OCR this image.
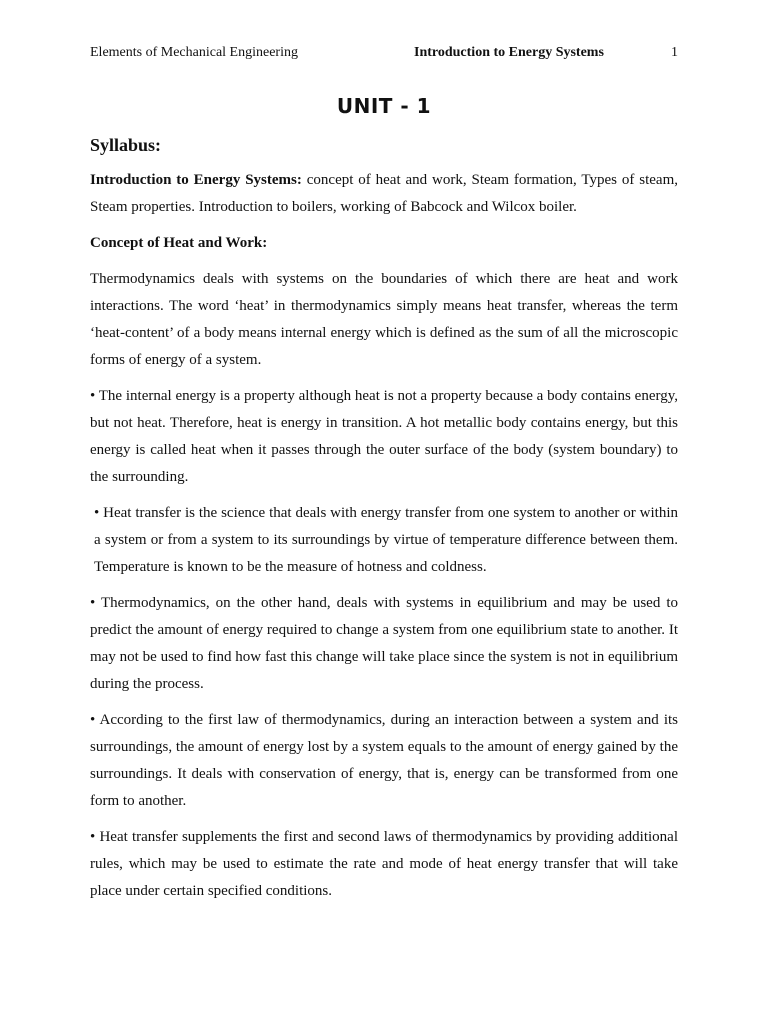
Elements of Mechanical Engineering	Introduction to Energy Systems	1
UNIT - 1
Syllabus:

Introduction to Energy Systems: concept of heat and work, Steam formation, Types of steam, Steam properties. Introduction to boilers, working of Babcock and Wilcox boiler.

Concept of Heat and Work:

Thermodynamics deals with systems on the boundaries of which there are heat and work interactions. The word ‘heat’ in thermodynamics simply means heat transfer, whereas the term ‘heat-content’ of a body means internal energy which is defined as the sum of all the microscopic forms of energy of a system.

• The internal energy is a property although heat is not a property because a body contains energy, but not heat. Therefore, heat is energy in transition. A hot metallic body contains energy, but this energy is called heat when it passes through the outer surface of the body (system boundary) to the surrounding.

• Heat transfer is the science that deals with energy transfer from one system to another or within a system or from a system to its surroundings by virtue of temperature difference between them. Temperature is known to be the measure of hotness and coldness.

• Thermodynamics, on the other hand, deals with systems in equilibrium and may be used to predict the amount of energy required to change a system from one equilibrium state to another. It may not be used to find how fast this change will take place since the system is not in equilibrium during the process.

• According to the first law of thermodynamics, during an interaction between a system and its surroundings, the amount of energy lost by a system equals to the amount of energy gained by the surroundings. It deals with conservation of energy, that is, energy can be transformed from one form to another.

• Heat transfer supplements the first and second laws of thermodynamics by providing additional rules, which may be used to estimate the rate and mode of heat energy transfer that will take place under certain specified conditions.
